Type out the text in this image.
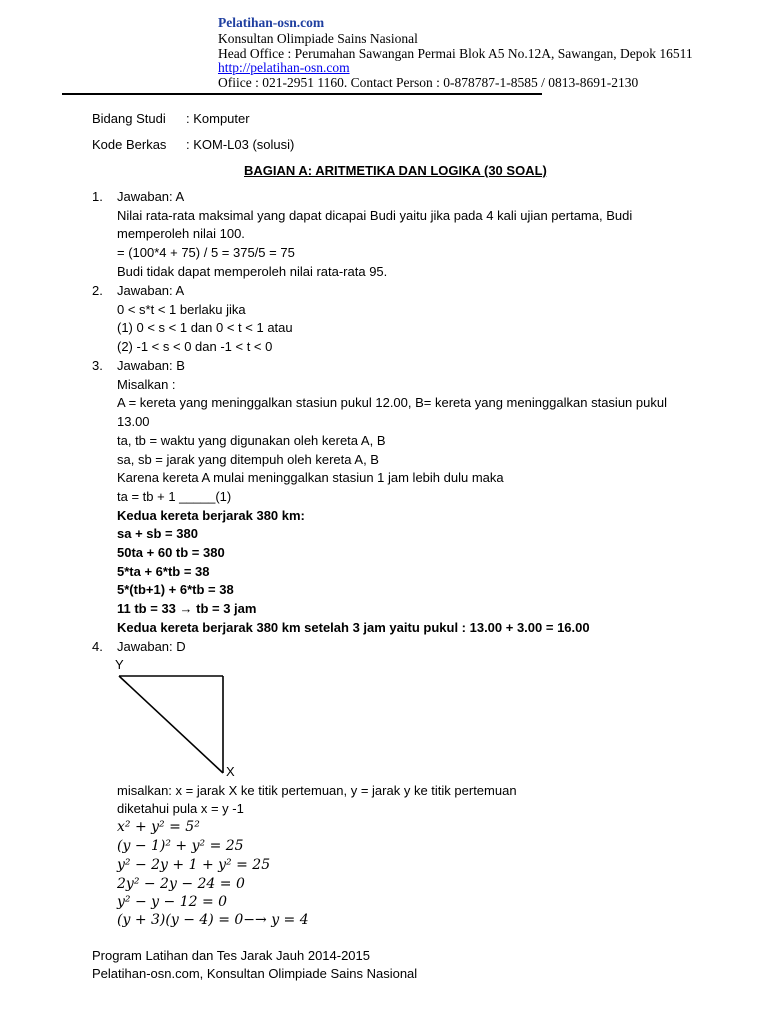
Pelatihan-osn.com
Konsultan Olimpiade Sains Nasional
Head Office : Perumahan Sawangan Permai Blok A5 No.12A, Sawangan, Depok 16511
http://pelatihan-osn.com
Ofiice : 021-2951 1160. Contact Person : 0-878787-1-8585 / 0813-8691-2130
Bidang Studi : Komputer
Kode Berkas : KOM-L03 (solusi)
BAGIAN A: ARITMETIKA DAN LOGIKA (30 SOAL)
1. Jawaban: A
Nilai rata-rata maksimal yang dapat dicapai Budi yaitu jika pada 4 kali ujian pertama, Budi
memperoleh nilai 100.
= (100*4 + 75) / 5 = 375/5 = 75
Budi tidak dapat memperoleh nilai rata-rata 95.
2. Jawaban: A
0 < s*t < 1 berlaku jika
(1) 0 < s < 1 dan 0 < t < 1 atau
(2) -1 < s < 0 dan -1 < t < 0
3. Jawaban: B
Misalkan :
A = kereta yang meninggalkan stasiun pukul 12.00, B= kereta yang meninggalkan stasiun pukul
13.00
ta, tb = waktu yang digunakan oleh kereta A, B
sa, sb = jarak yang ditempuh oleh kereta A, B
Karena kereta A mulai meninggalkan stasiun 1 jam lebih dulu maka
ta = tb + 1 _____(1)
Kedua kereta berjarak 380 km:
sa + sb = 380
50ta + 60 tb = 380
5*ta + 6*tb = 38
5*(tb+1) + 6*tb = 38
11 tb = 33 → tb = 3 jam
Kedua kereta berjarak 380 km setelah 3 jam yaitu pukul : 13.00 + 3.00 = 16.00
4. Jawaban: D
Y
X
misalkan: x = jarak X ke titik pertemuan, y = jarak y ke titik pertemuan
diketahui pula x = y -1
x² + y² = 5²
(y − 1)² + y² = 25
y² − 2y + 1 + y² = 25
2y² − 2y − 24 = 0
y² − y − 12 = 0
(y + 3)(y − 4) = 0−→ y = 4
Program Latihan dan Tes Jarak Jauh 2014-2015
Pelatihan-osn.com, Konsultan Olimpiade Sains Nasional
